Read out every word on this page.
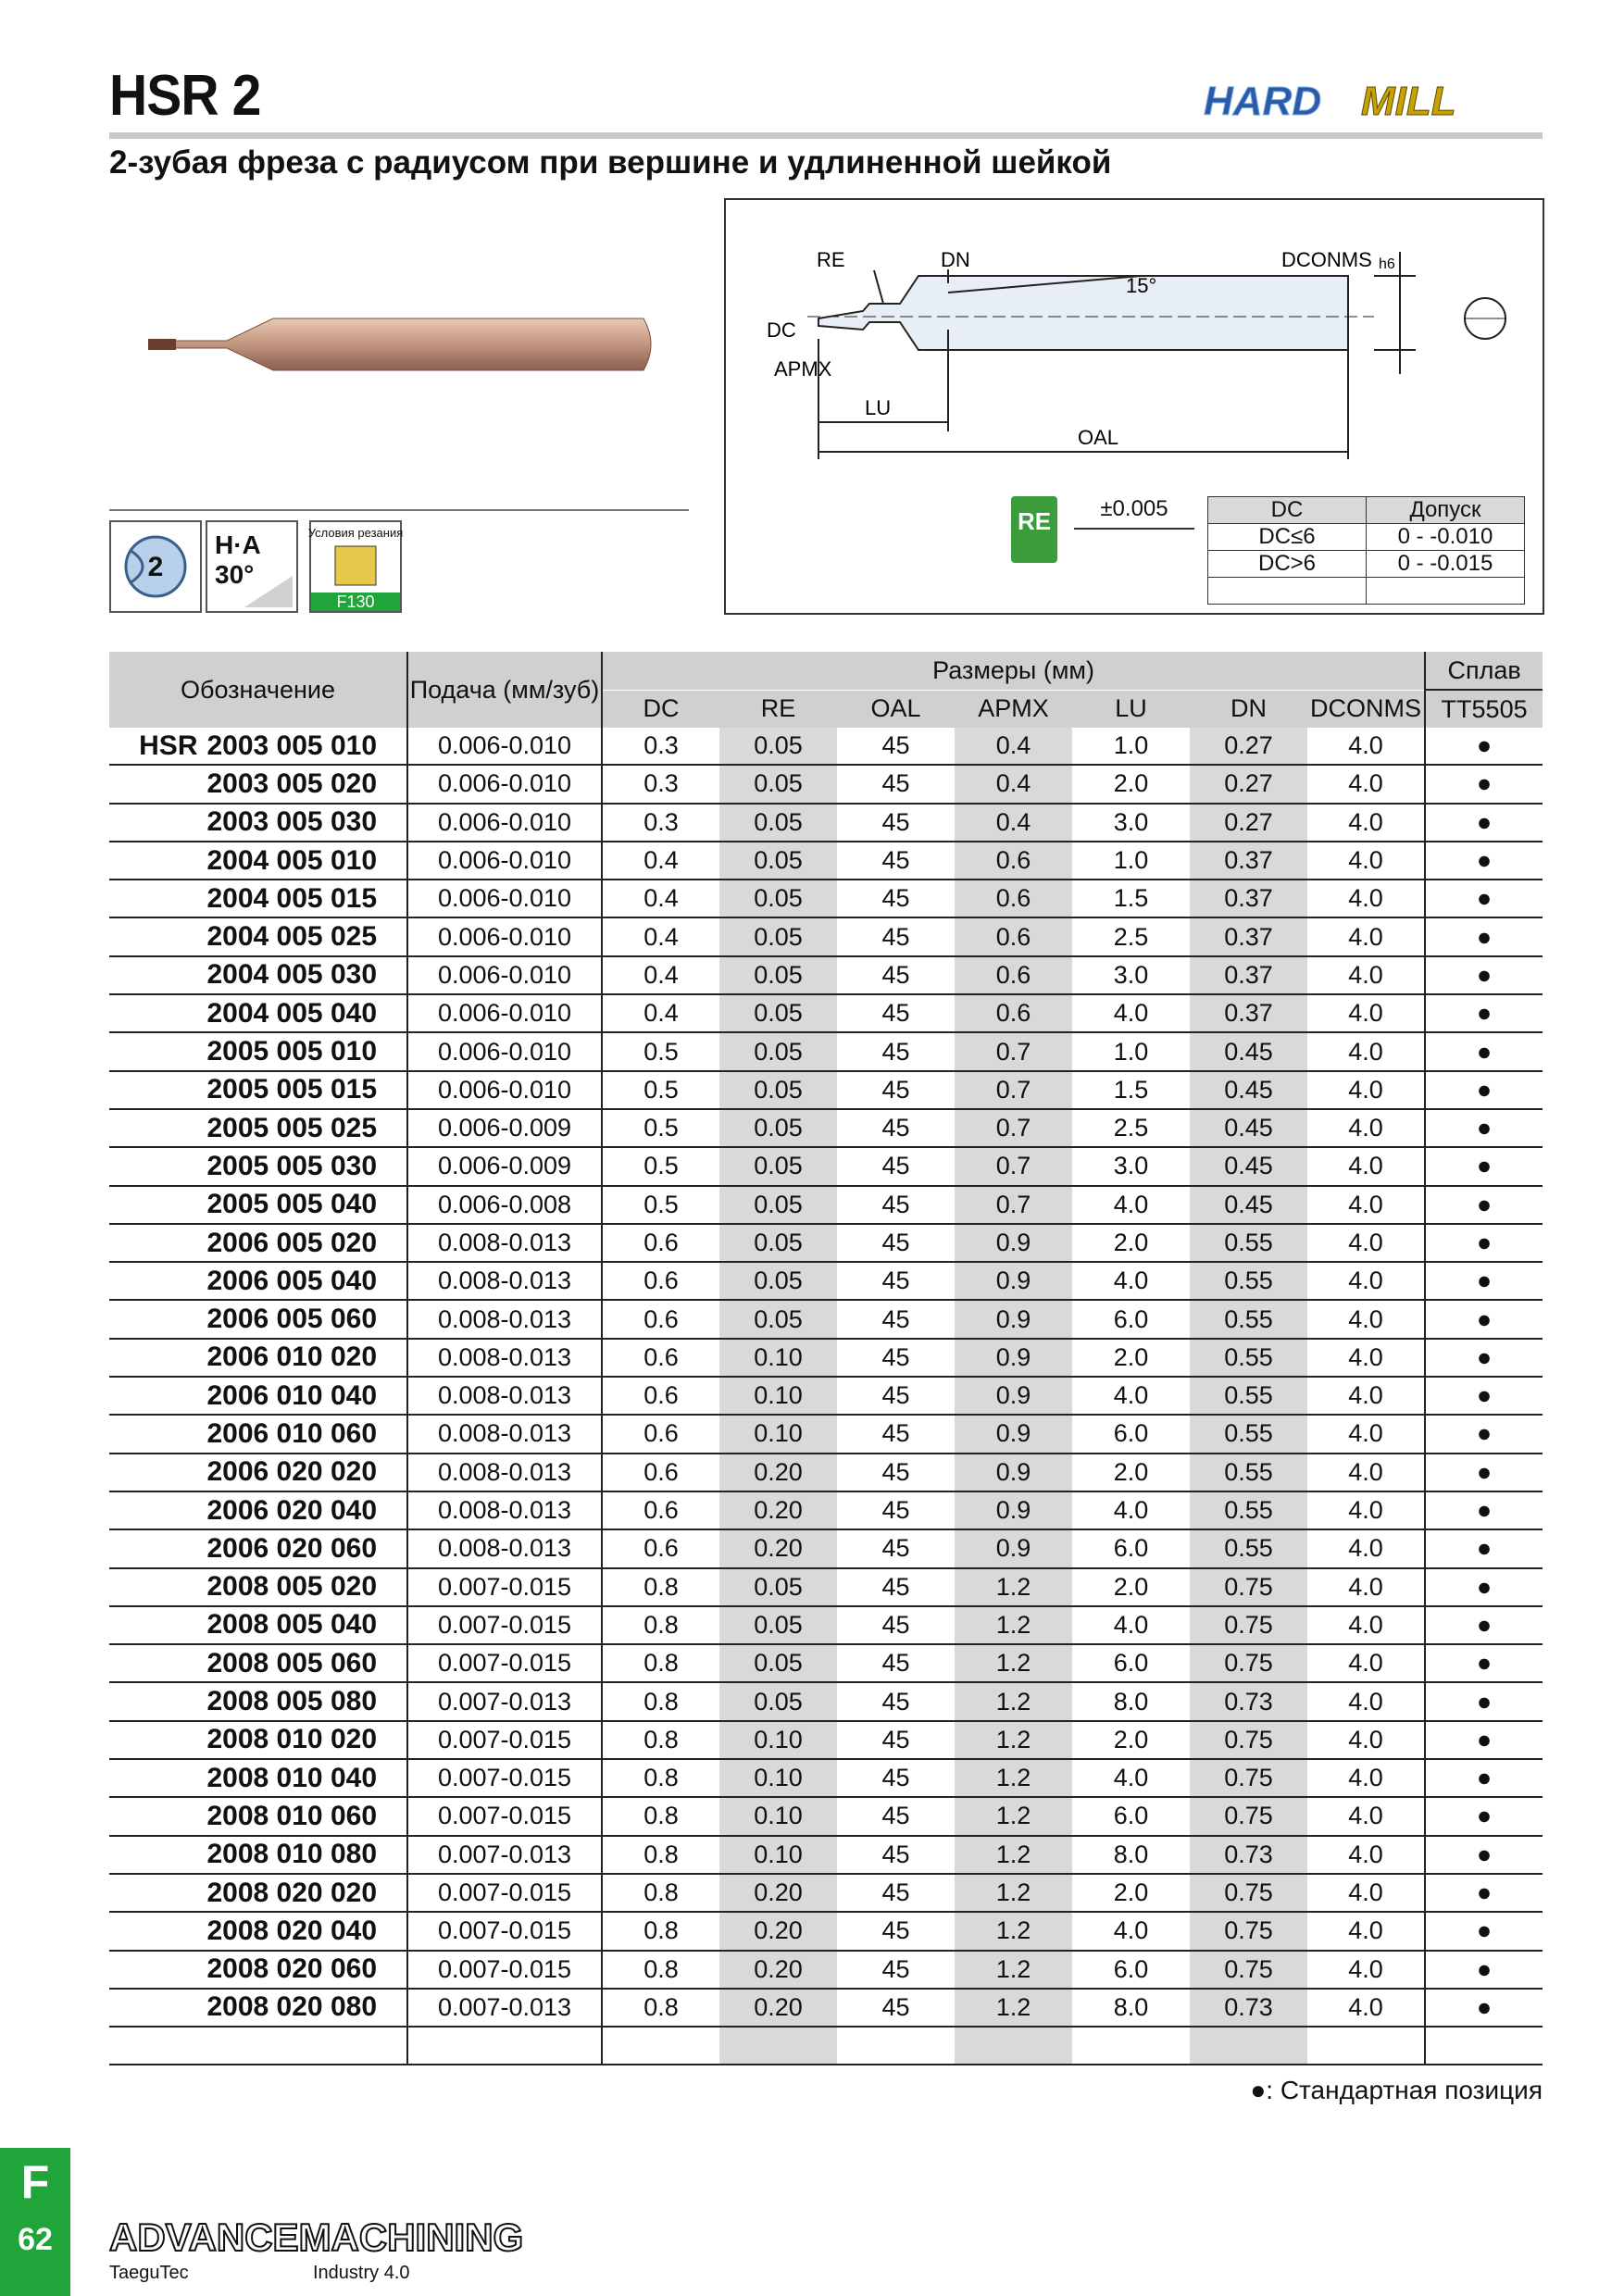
HSR 2	HARD MILL
2-зубая фреза с радиусом при вершине и удлиненной шейкой
2
H·A
30°
Условия резания
F130
RE	DN	DCONMS h6
15°
DC
APMX
LU
OAL
RE	±0.005	DC	Допуск
DC≤6	0 - -0.010
DC>6	0 - -0.015

Обозначение	Подача (мм/зуб)	Размеры (мм)							Сплав
		DC	RE	OAL	APMX	LU	DN	DCONMS	TT5505
HSR 2003 005 010	0.006-0.010	0.3	0.05	45	0.4	1.0	0.27	4.0	●
2003 005 020	0.006-0.010	0.3	0.05	45	0.4	2.0	0.27	4.0	●
2003 005 030	0.006-0.010	0.3	0.05	45	0.4	3.0	0.27	4.0	●
2004 005 010	0.006-0.010	0.4	0.05	45	0.6	1.0	0.37	4.0	●
2004 005 015	0.006-0.010	0.4	0.05	45	0.6	1.5	0.37	4.0	●
2004 005 025	0.006-0.010	0.4	0.05	45	0.6	2.5	0.37	4.0	●
2004 005 030	0.006-0.010	0.4	0.05	45	0.6	3.0	0.37	4.0	●
2004 005 040	0.006-0.010	0.4	0.05	45	0.6	4.0	0.37	4.0	●
2005 005 010	0.006-0.010	0.5	0.05	45	0.7	1.0	0.45	4.0	●
2005 005 015	0.006-0.010	0.5	0.05	45	0.7	1.5	0.45	4.0	●
2005 005 025	0.006-0.009	0.5	0.05	45	0.7	2.5	0.45	4.0	●
2005 005 030	0.006-0.009	0.5	0.05	45	0.7	3.0	0.45	4.0	●
2005 005 040	0.006-0.008	0.5	0.05	45	0.7	4.0	0.45	4.0	●
2006 005 020	0.008-0.013	0.6	0.05	45	0.9	2.0	0.55	4.0	●
2006 005 040	0.008-0.013	0.6	0.05	45	0.9	4.0	0.55	4.0	●
2006 005 060	0.008-0.013	0.6	0.05	45	0.9	6.0	0.55	4.0	●
2006 010 020	0.008-0.013	0.6	0.10	45	0.9	2.0	0.55	4.0	●
2006 010 040	0.008-0.013	0.6	0.10	45	0.9	4.0	0.55	4.0	●
2006 010 060	0.008-0.013	0.6	0.10	45	0.9	6.0	0.55	4.0	●
2006 020 020	0.008-0.013	0.6	0.20	45	0.9	2.0	0.55	4.0	●
2006 020 040	0.008-0.013	0.6	0.20	45	0.9	4.0	0.55	4.0	●
2006 020 060	0.008-0.013	0.6	0.20	45	0.9	6.0	0.55	4.0	●
2008 005 020	0.007-0.015	0.8	0.05	45	1.2	2.0	0.75	4.0	●
2008 005 040	0.007-0.015	0.8	0.05	45	1.2	4.0	0.75	4.0	●
2008 005 060	0.007-0.015	0.8	0.05	45	1.2	6.0	0.75	4.0	●
2008 005 080	0.007-0.013	0.8	0.05	45	1.2	8.0	0.73	4.0	●
2008 010 020	0.007-0.015	0.8	0.10	45	1.2	2.0	0.75	4.0	●
2008 010 040	0.007-0.015	0.8	0.10	45	1.2	4.0	0.75	4.0	●
2008 010 060	0.007-0.015	0.8	0.10	45	1.2	6.0	0.75	4.0	●
2008 010 080	0.007-0.013	0.8	0.10	45	1.2	8.0	0.73	4.0	●
2008 020 020	0.007-0.015	0.8	0.20	45	1.2	2.0	0.75	4.0	●
2008 020 040	0.007-0.015	0.8	0.20	45	1.2	4.0	0.75	4.0	●
2008 020 060	0.007-0.015	0.8	0.20	45	1.2	6.0	0.75	4.0	●
2008 020 080	0.007-0.013	0.8	0.20	45	1.2	8.0	0.73	4.0	●

●: Стандартная позиция
F
62	ADVANCEMACHINING
TaeguTec	Industry 4.0
